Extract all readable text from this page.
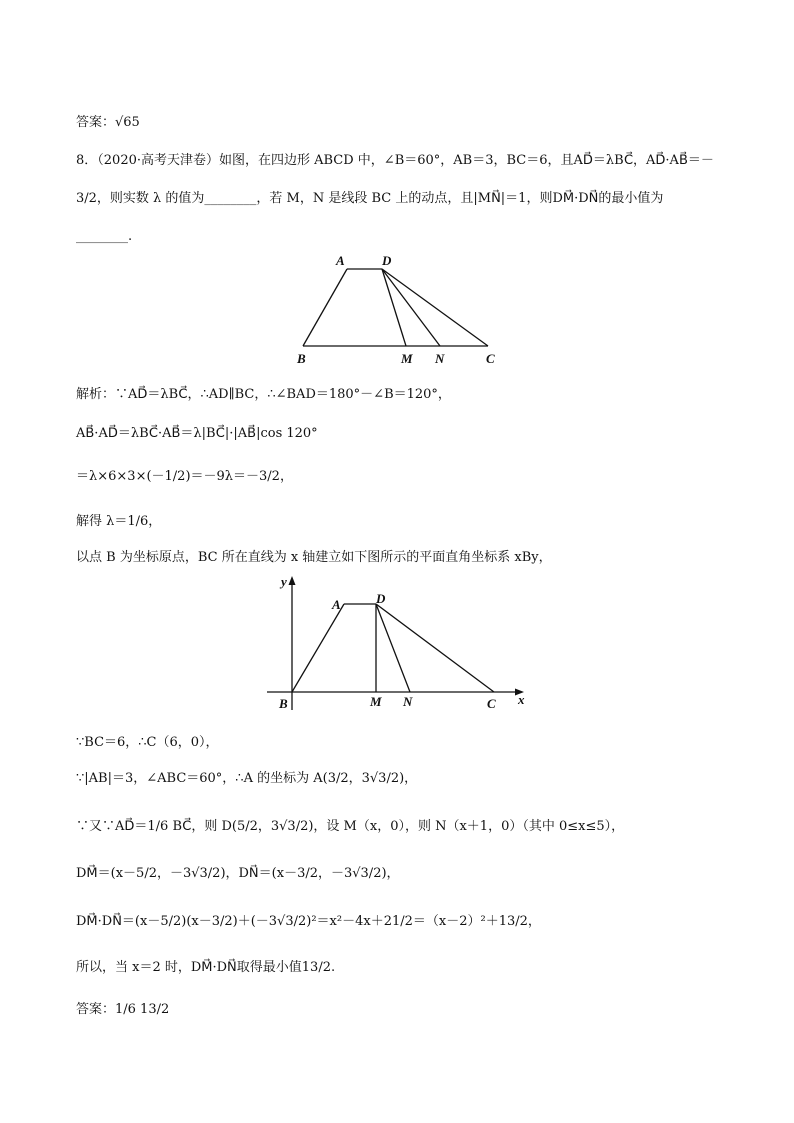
答案：√65
8．（2020·高考天津卷）如图，在四边形 ABCD 中，∠B＝60°，AB＝3，BC＝6，且AD⃗＝λBC⃗，AD⃗·AB⃗＝－
3/2，则实数 λ 的值为________，若 M，N 是线段 BC 上的动点，且|MN⃗|＝1，则DM⃗·DN⃗的最小值为
________.
A	D
B	M N	C
解析：∵AD⃗＝λBC⃗，∴AD∥BC，∴∠BAD＝180°－∠B＝120°，
AB⃗·AD⃗＝λBC⃗·AB⃗＝λ|BC⃗|·|AB⃗|cos 120°
＝λ×6×3×(－1/2)＝－9λ＝－3/2，
解得 λ＝1/6，
以点 B 为坐标原点，BC 所在直线为 x 轴建立如下图所示的平面直角坐标系 xBy，
y
x
A	D
B	M N	C
∵BC＝6，∴C（6，0），
∵|AB|＝3，∠ABC＝60°，∴A 的坐标为 A(3/2，3√3/2)，
∵又∵AD⃗＝1/6 BC⃗，则 D(5/2，3√3/2)，设 M（x，0），则 N（x＋1，0）（其中 0≤x≤5），
DM⃗＝(x－5/2，－3√3/2)，DN⃗＝(x－3/2，－3√3/2)，
DM⃗·DN⃗＝(x－5/2)(x－3/2)＋(－3√3/2)²＝x²－4x＋21/2＝（x－2）²＋13/2，
所以，当 x＝2 时，DM⃗·DN⃗取得最小值13/2.
答案：1/6 13/2
